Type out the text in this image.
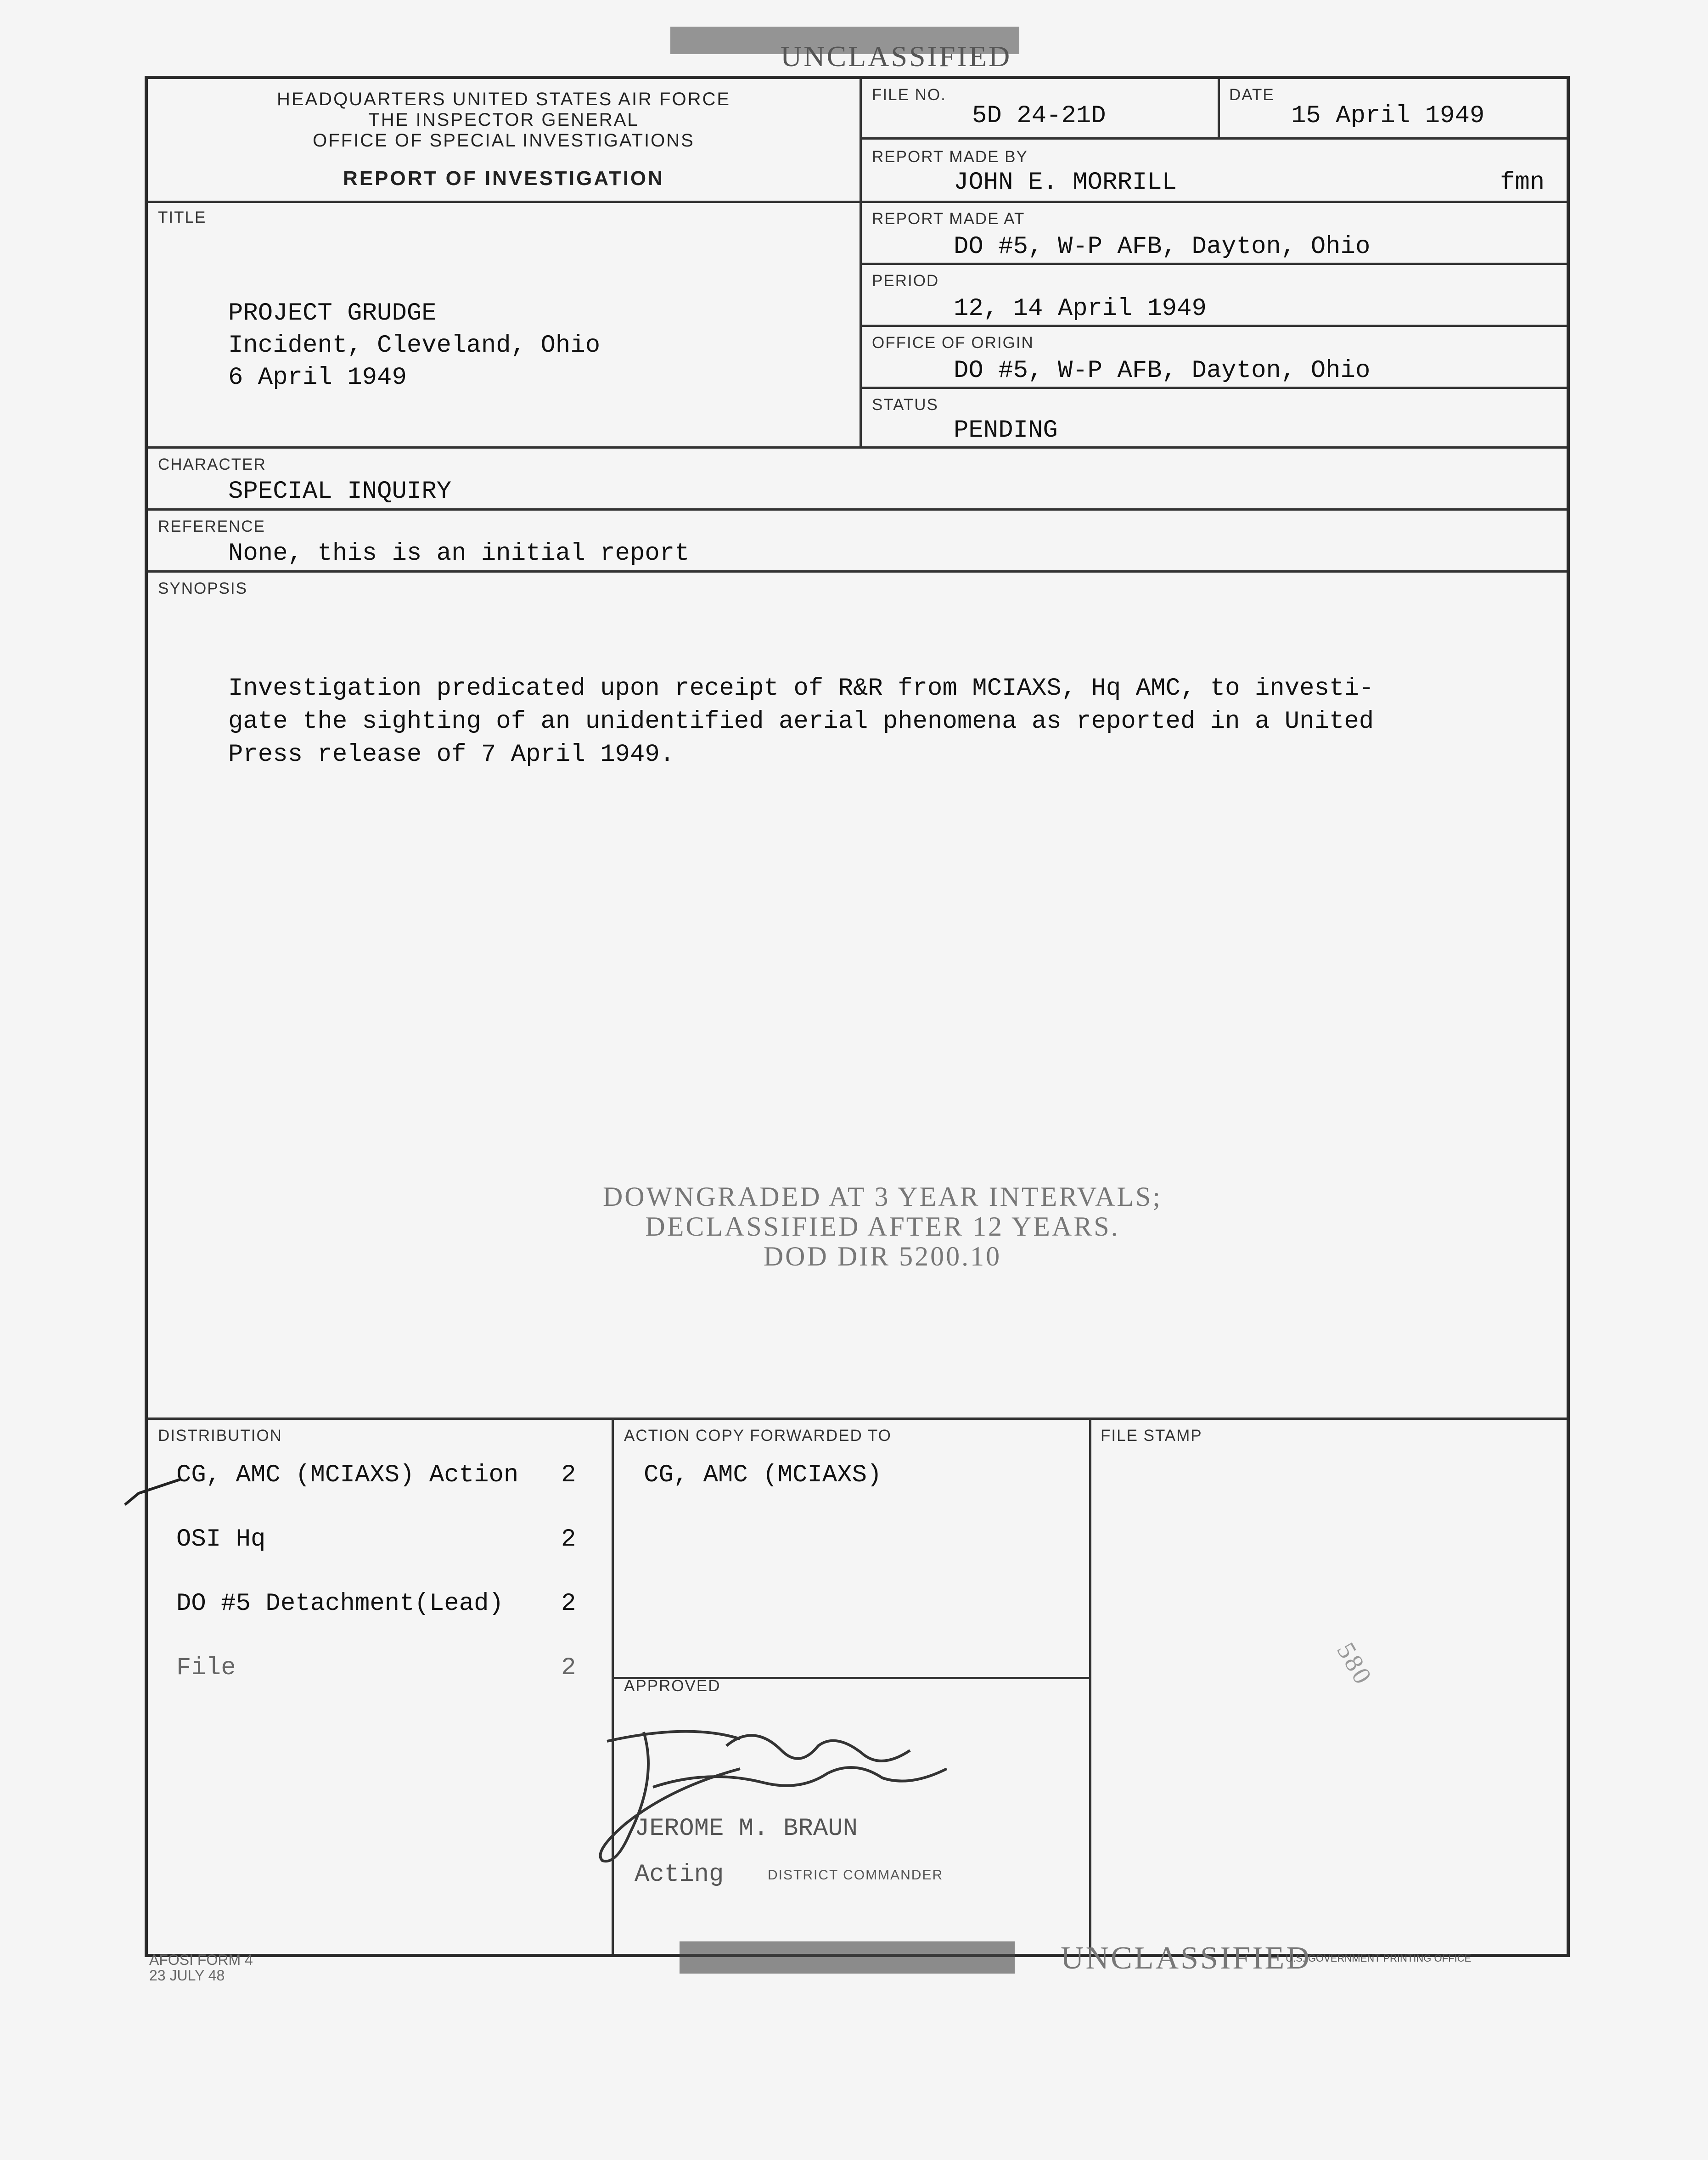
UNCLASSIFIED
HEADQUARTERS UNITED STATES AIR FORCE
THE INSPECTOR GENERAL
OFFICE OF SPECIAL INVESTIGATIONS
REPORT OF INVESTIGATION
FILE NO.
5D 24-21D
DATE
15 April 1949
REPORT MADE BY
JOHN E. MORRILL	fmn
REPORT MADE AT
DO #5, W-P AFB, Dayton, Ohio
PERIOD
12, 14 April 1949
OFFICE OF ORIGIN
DO #5, W-P AFB, Dayton, Ohio
STATUS
PENDING
TITLE
PROJECT GRUDGE
Incident, Cleveland, Ohio
6 April 1949
CHARACTER
SPECIAL INQUIRY
REFERENCE
None, this is an initial report
SYNOPSIS
Investigation predicated upon receipt of R&R from MCIAXS, Hq AMC, to investi-
gate the sighting of an unidentified aerial phenomena as reported in a United
Press release of 7 April 1949.
DOWNGRADED AT 3 YEAR INTERVALS;
DECLASSIFIED AFTER 12 YEARS.
DOD DIR 5200.10
DISTRIBUTION
CG, AMC (MCIAXS) Action 2
OSI Hq	2
DO #5 Detachment(Lead) 2
File	2
ACTION COPY FORWARDED TO
CG, AMC (MCIAXS)
FILE STAMP
580
APPROVED
JEROME M. BRAUN
Acting	DISTRICT COMMANDER
AFOSI FORM 4
23 JULY 48	UNCLASSIFIED
U.S. GOVERNMENT PRINTING OFFICE
